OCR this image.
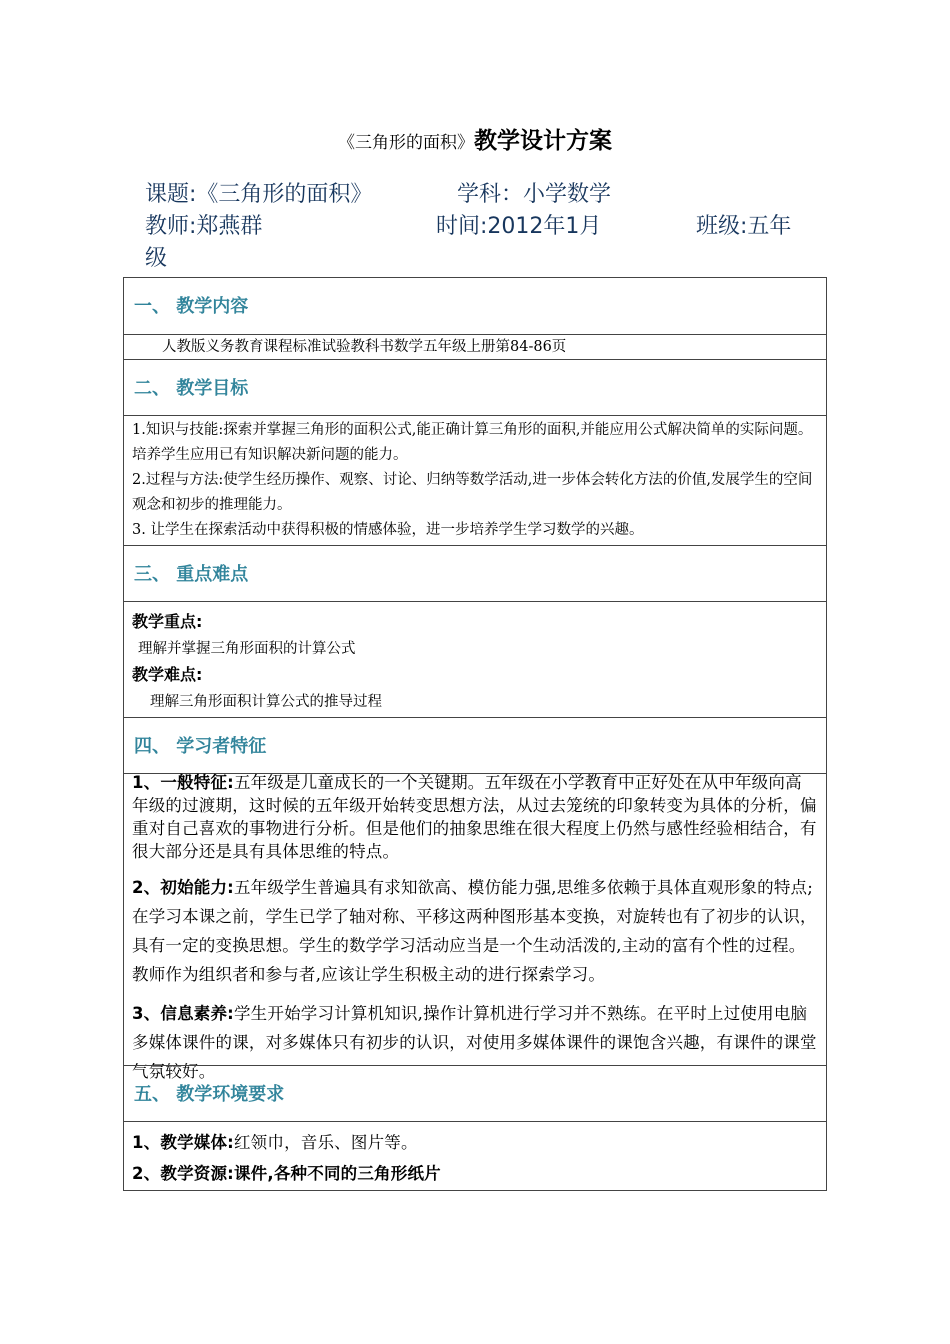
《三角形的面积》教学设计方案
课题:《三角形的面积》	学科：小学数学
教师:郑燕群	时间:2012年1月	班级:五年
级
一、 教学内容
人教版义务教育课程标准试验教科书数学五年级上册第84-86页
二、 教学目标

1.知识与技能:探索并掌握三角形的面积公式,能正确计算三角形的面积,并能应用公式解决简单的实际问题。培养学生应用已有知识解决新问题的能力。

2.过程与方法:使学生经历操作、观察、讨论、归纳等数学活动,进一步体会转化方法的价值,发展学生的空间观念和初步的推理能力。

3. 让学生在探索活动中获得积极的情感体验，进一步培养学生学习数学的兴趣。

三、 重点难点

教学重点:

理解并掌握三角形面积的计算公式

教学难点:

理解三角形面积计算公式的推导过程

四、 学习者特征

1、一般特征:五年级是儿童成长的一个关键期。五年级在小学教育中正好处在从中年级向高年级的过渡期，这时候的五年级开始转变思想方法，从过去笼统的印象转变为具体的分析，偏重对自己喜欢的事物进行分析。但是他们的抽象思维在很大程度上仍然与感性经验相结合，有很大部分还是具有具体思维的特点。

2、初始能力:五年级学生普遍具有求知欲高、模仿能力强,思维多依赖于具体直观形象的特点;在学习本课之前，学生已学了轴对称、平移这两种图形基本变换，对旋转也有了初步的认识，具有一定的变换思想。学生的数学学习活动应当是一个生动活泼的,主动的富有个性的过程。教师作为组织者和参与者,应该让学生积极主动的进行探索学习。

3、信息素养:学生开始学习计算机知识,操作计算机进行学习并不熟练。在平时上过使用电脑多媒体课件的课，对多媒体只有初步的认识，对使用多媒体课件的课饱含兴趣，有课件的课堂气氛较好。

五、 教学环境要求

1、教学媒体:红领巾，音乐、图片等。

2、教学资源:课件,各种不同的三角形纸片
